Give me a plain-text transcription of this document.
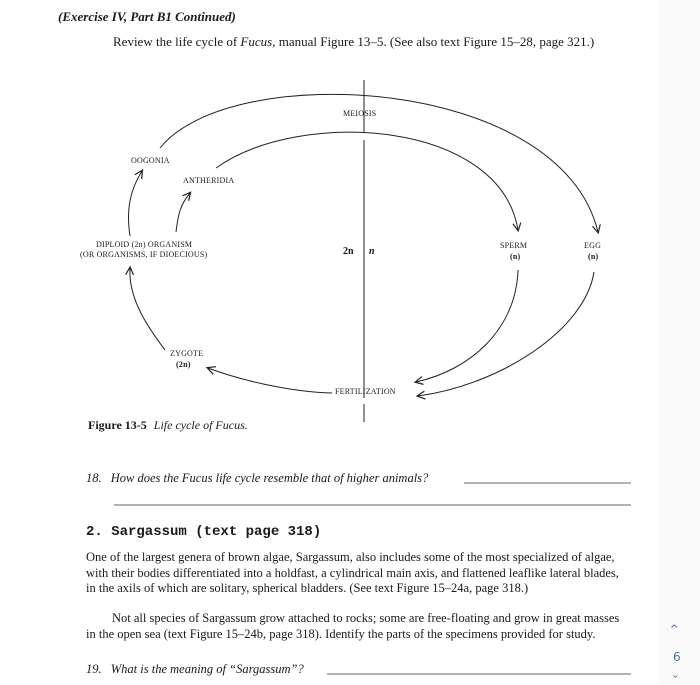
‹
6
‹
(Exercise IV, Part B1 Continued)
Review the life cycle of Fucus, manual Figure 13–5. (See also text Figure 15–28, page 321.)
MEIOSIS
OOGONIA
ANTHERIDIA
DIPLOID (2n) ORGANISM
(OR ORGANISMS, IF DIOECIOUS)	2n n
SPERM
(n)
EGG
(n)
ZYGOTE
(2n)
FERTILIZATION
Figure 13-5 Life cycle of Fucus.
18. How does the Fucus life cycle resemble that of higher animals?
2. Sargassum (text page 318)
One of the largest genera of brown algae, Sargassum, also includes some of the most specialized of algae, with their bodies differentiated into a holdfast, a cylindrical main axis, and flattened leaflike lateral blades, in the axils of which are solitary, spherical bladders. (See text Figure 15–24a, page 318.)
Not all species of Sargassum grow attached to rocks; some are free-floating and grow in great masses in the open sea (text Figure 15–24b, page 318). Identify the parts of the specimens provided for study.
19. What is the meaning of “Sargassum”?
